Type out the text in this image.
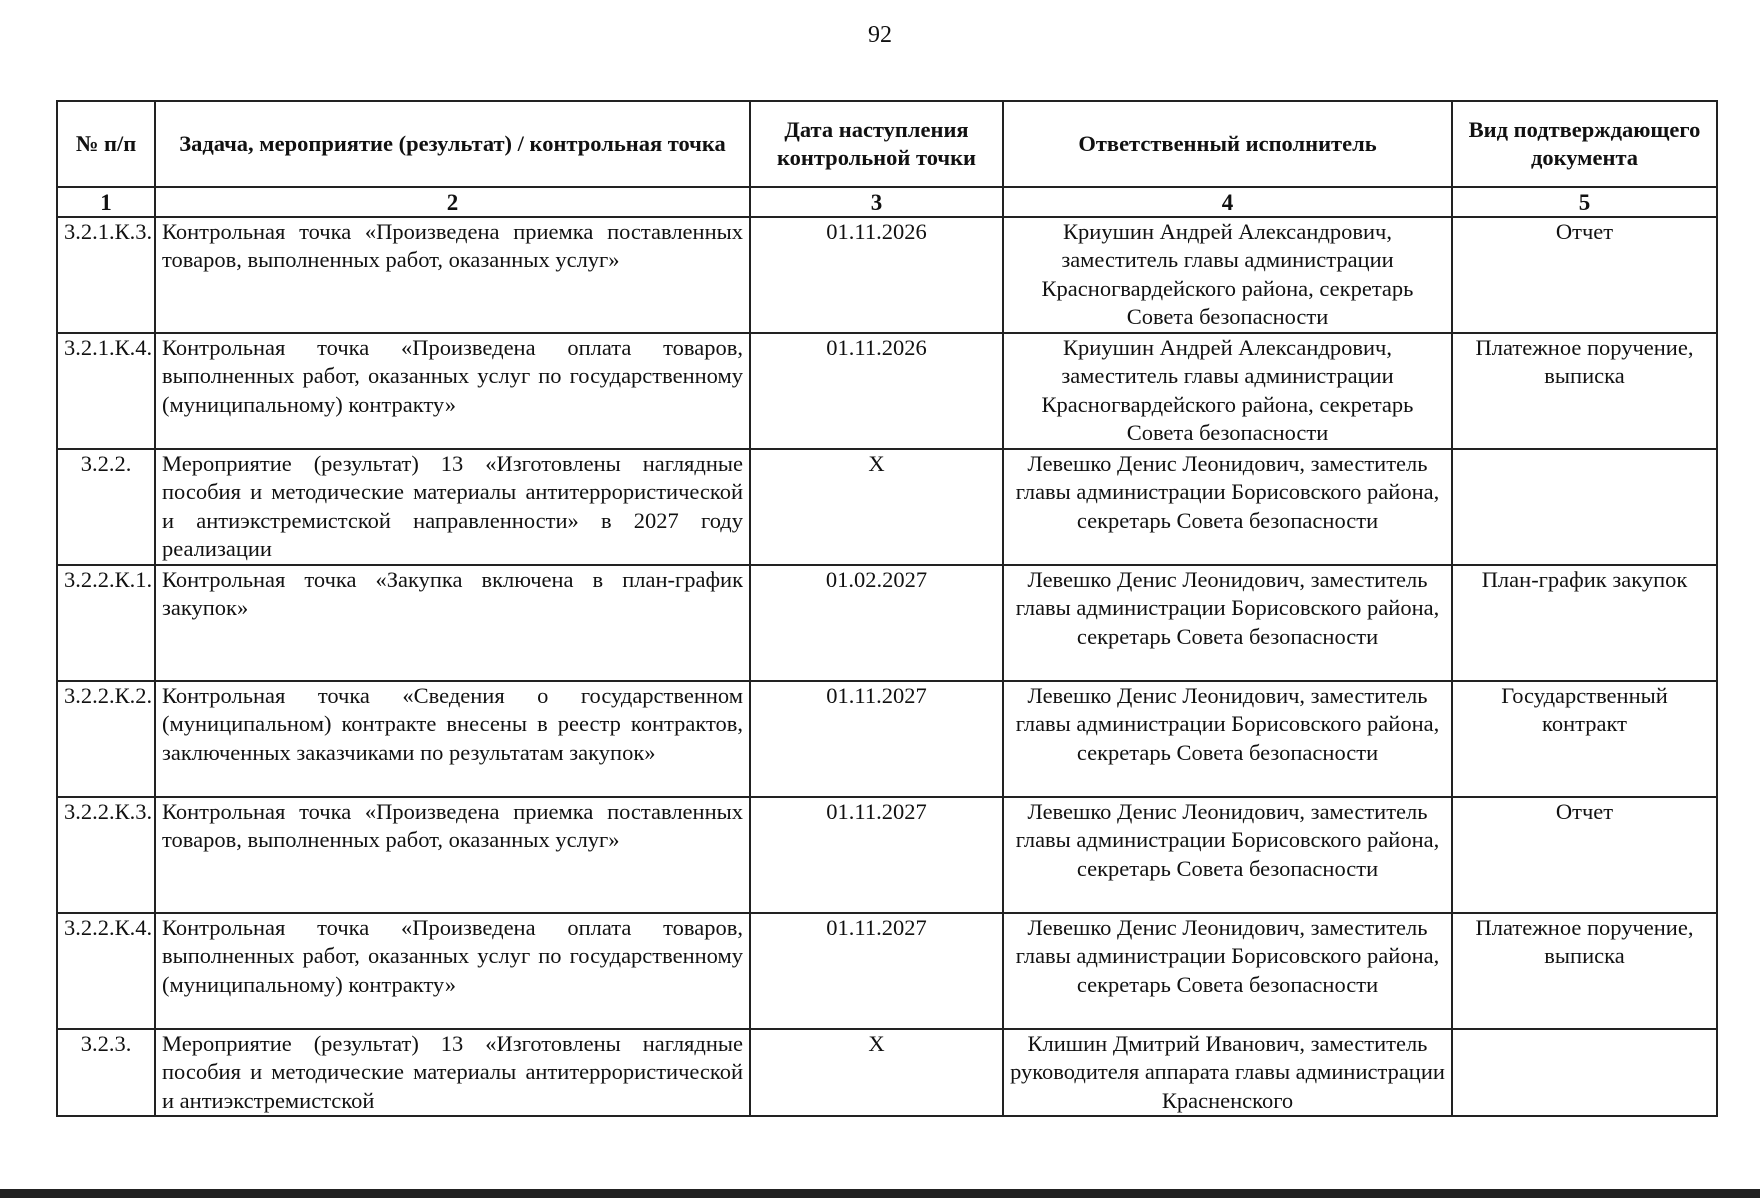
92
№ п/п	Задача, мероприятие (результат) / контрольная точка	Дата наступления контрольной точки	Ответственный исполнитель	Вид подтверждающего документа
1	2	3	4	5
3.2.1.К.3.	Контрольная точка «Произведена приемка поставленных товаров, выполненных работ, оказанных услуг»	01.11.2026	Криушин Андрей Александрович, заместитель главы администрации Красногвардейского района, секретарь Совета безопасности	Отчет
3.2.1.К.4.	Контрольная точка «Произведена оплата товаров, выполненных работ, оказанных услуг по государственному (муниципальному) контракту»	01.11.2026	Криушин Андрей Александрович, заместитель главы администрации Красногвардейского района, секретарь Совета безопасности	Платежное поручение, выписка
3.2.2.	Мероприятие (результат) 13 «Изготовлены наглядные пособия и методические материалы антитеррористической и антиэкстремистской направленности» в 2027 году реализации	Х	Левешко Денис Леонидович, заместитель главы администрации Борисовского района, секретарь Совета безопасности	
3.2.2.К.1.	Контрольная точка «Закупка включена в план-график закупок»	01.02.2027	Левешко Денис Леонидович, заместитель главы администрации Борисовского района, секретарь Совета безопасности	План-график закупок
3.2.2.К.2.	Контрольная точка «Сведения о государственном (муниципальном) контракте внесены в реестр контрактов, заключенных заказчиками по результатам закупок»	01.11.2027	Левешко Денис Леонидович, заместитель главы администрации Борисовского района, секретарь Совета безопасности	Государственный контракт
3.2.2.К.3.	Контрольная точка «Произведена приемка поставленных товаров, выполненных работ, оказанных услуг»	01.11.2027	Левешко Денис Леонидович, заместитель главы администрации Борисовского района, секретарь Совета безопасности	Отчет
3.2.2.К.4.	Контрольная точка «Произведена оплата товаров, выполненных работ, оказанных услуг по государственному (муниципальному) контракту»	01.11.2027	Левешко Денис Леонидович, заместитель главы администрации Борисовского района, секретарь Совета безопасности	Платежное поручение, выписка
3.2.3.	Мероприятие (результат) 13 «Изготовлены наглядные пособия и методические материалы антитеррористической и антиэкстремистской	Х	Клишин Дмитрий Иванович, заместитель руководителя аппарата главы администрации Красненского	
